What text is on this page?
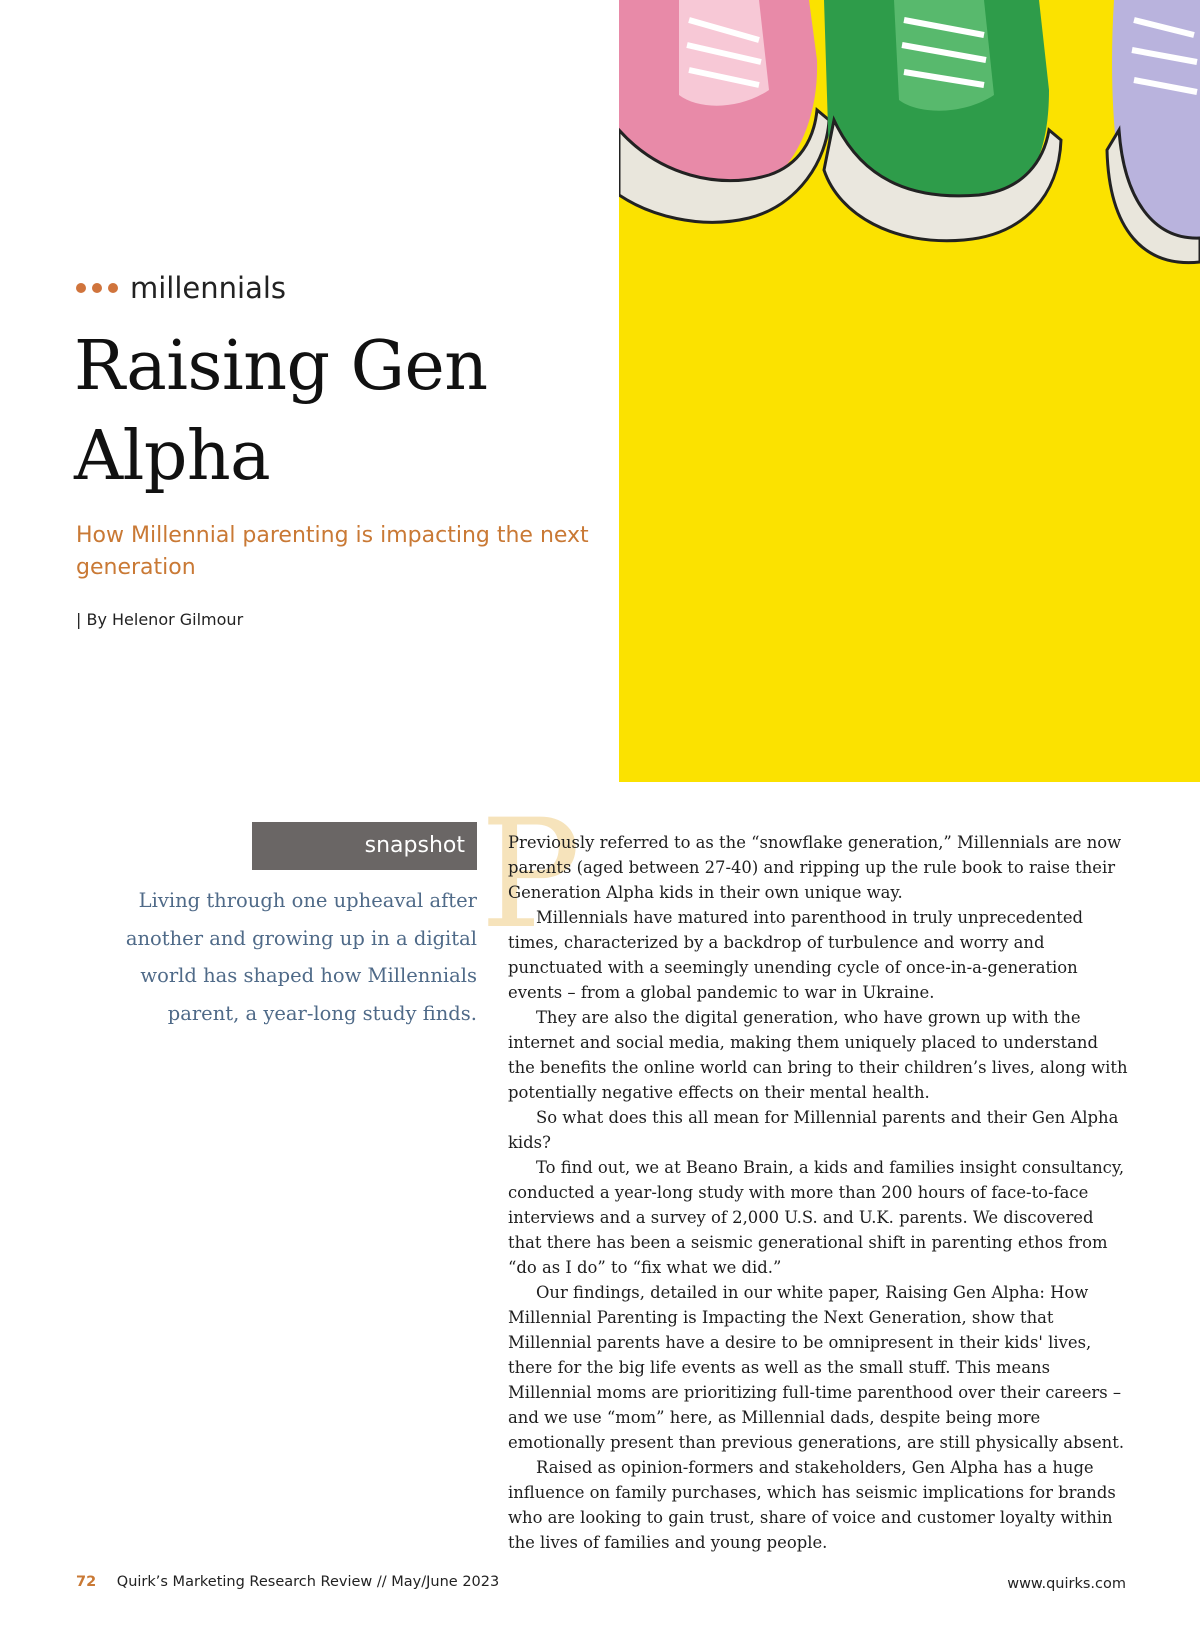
millennials
Raising Gen Alpha

How Millennial parenting is impacting the next generation

| By Helenor Gilmour
snapshot

Living through one upheaval after another and growing up in a digital world has shaped how Millennials parent, a year-long study finds.

P

Previously referred to as the “snowflake generation,” Millennials are now parents (aged between 27-40) and ripping up the rule book to raise their Generation Alpha kids in their own unique way.

Millennials have matured into parenthood in truly unprecedented times, characterized by a backdrop of turbulence and worry and punctuated with a seemingly unending cycle of once-in-a-generation events – from a global pandemic to war in Ukraine.

They are also the digital generation, who have grown up with the internet and social media, making them uniquely placed to understand the benefits the online world can bring to their children’s lives, along with potentially negative effects on their mental health.

So what does this all mean for Millennial parents and their Gen Alpha kids?

To find out, we at Beano Brain, a kids and families insight consultancy, conducted a year-long study with more than 200 hours of face-to-face interviews and a survey of 2,000 U.S. and U.K. parents. We discovered that there has been a seismic generational shift in parenting ethos from “do as I do” to “fix what we did.”

Our findings, detailed in our white paper, Raising Gen Alpha: How Millennial Parenting is Impacting the Next Generation, show that Millennial parents have a desire to be omnipresent in their kids' lives, there for the big life events as well as the small stuff. This means Millennial moms are prioritizing full-time parenthood over their careers – and we use “mom” here, as Millennial dads, despite being more emotionally present than previous generations, are still physically absent.

Raised as opinion-formers and stakeholders, Gen Alpha has a huge influence on family purchases, which has seismic implications for brands who are looking to gain trust, share of voice and customer loyalty within the lives of families and young people.

72 Quirk’s Marketing Research Review // May/June 2023	www.quirks.com
